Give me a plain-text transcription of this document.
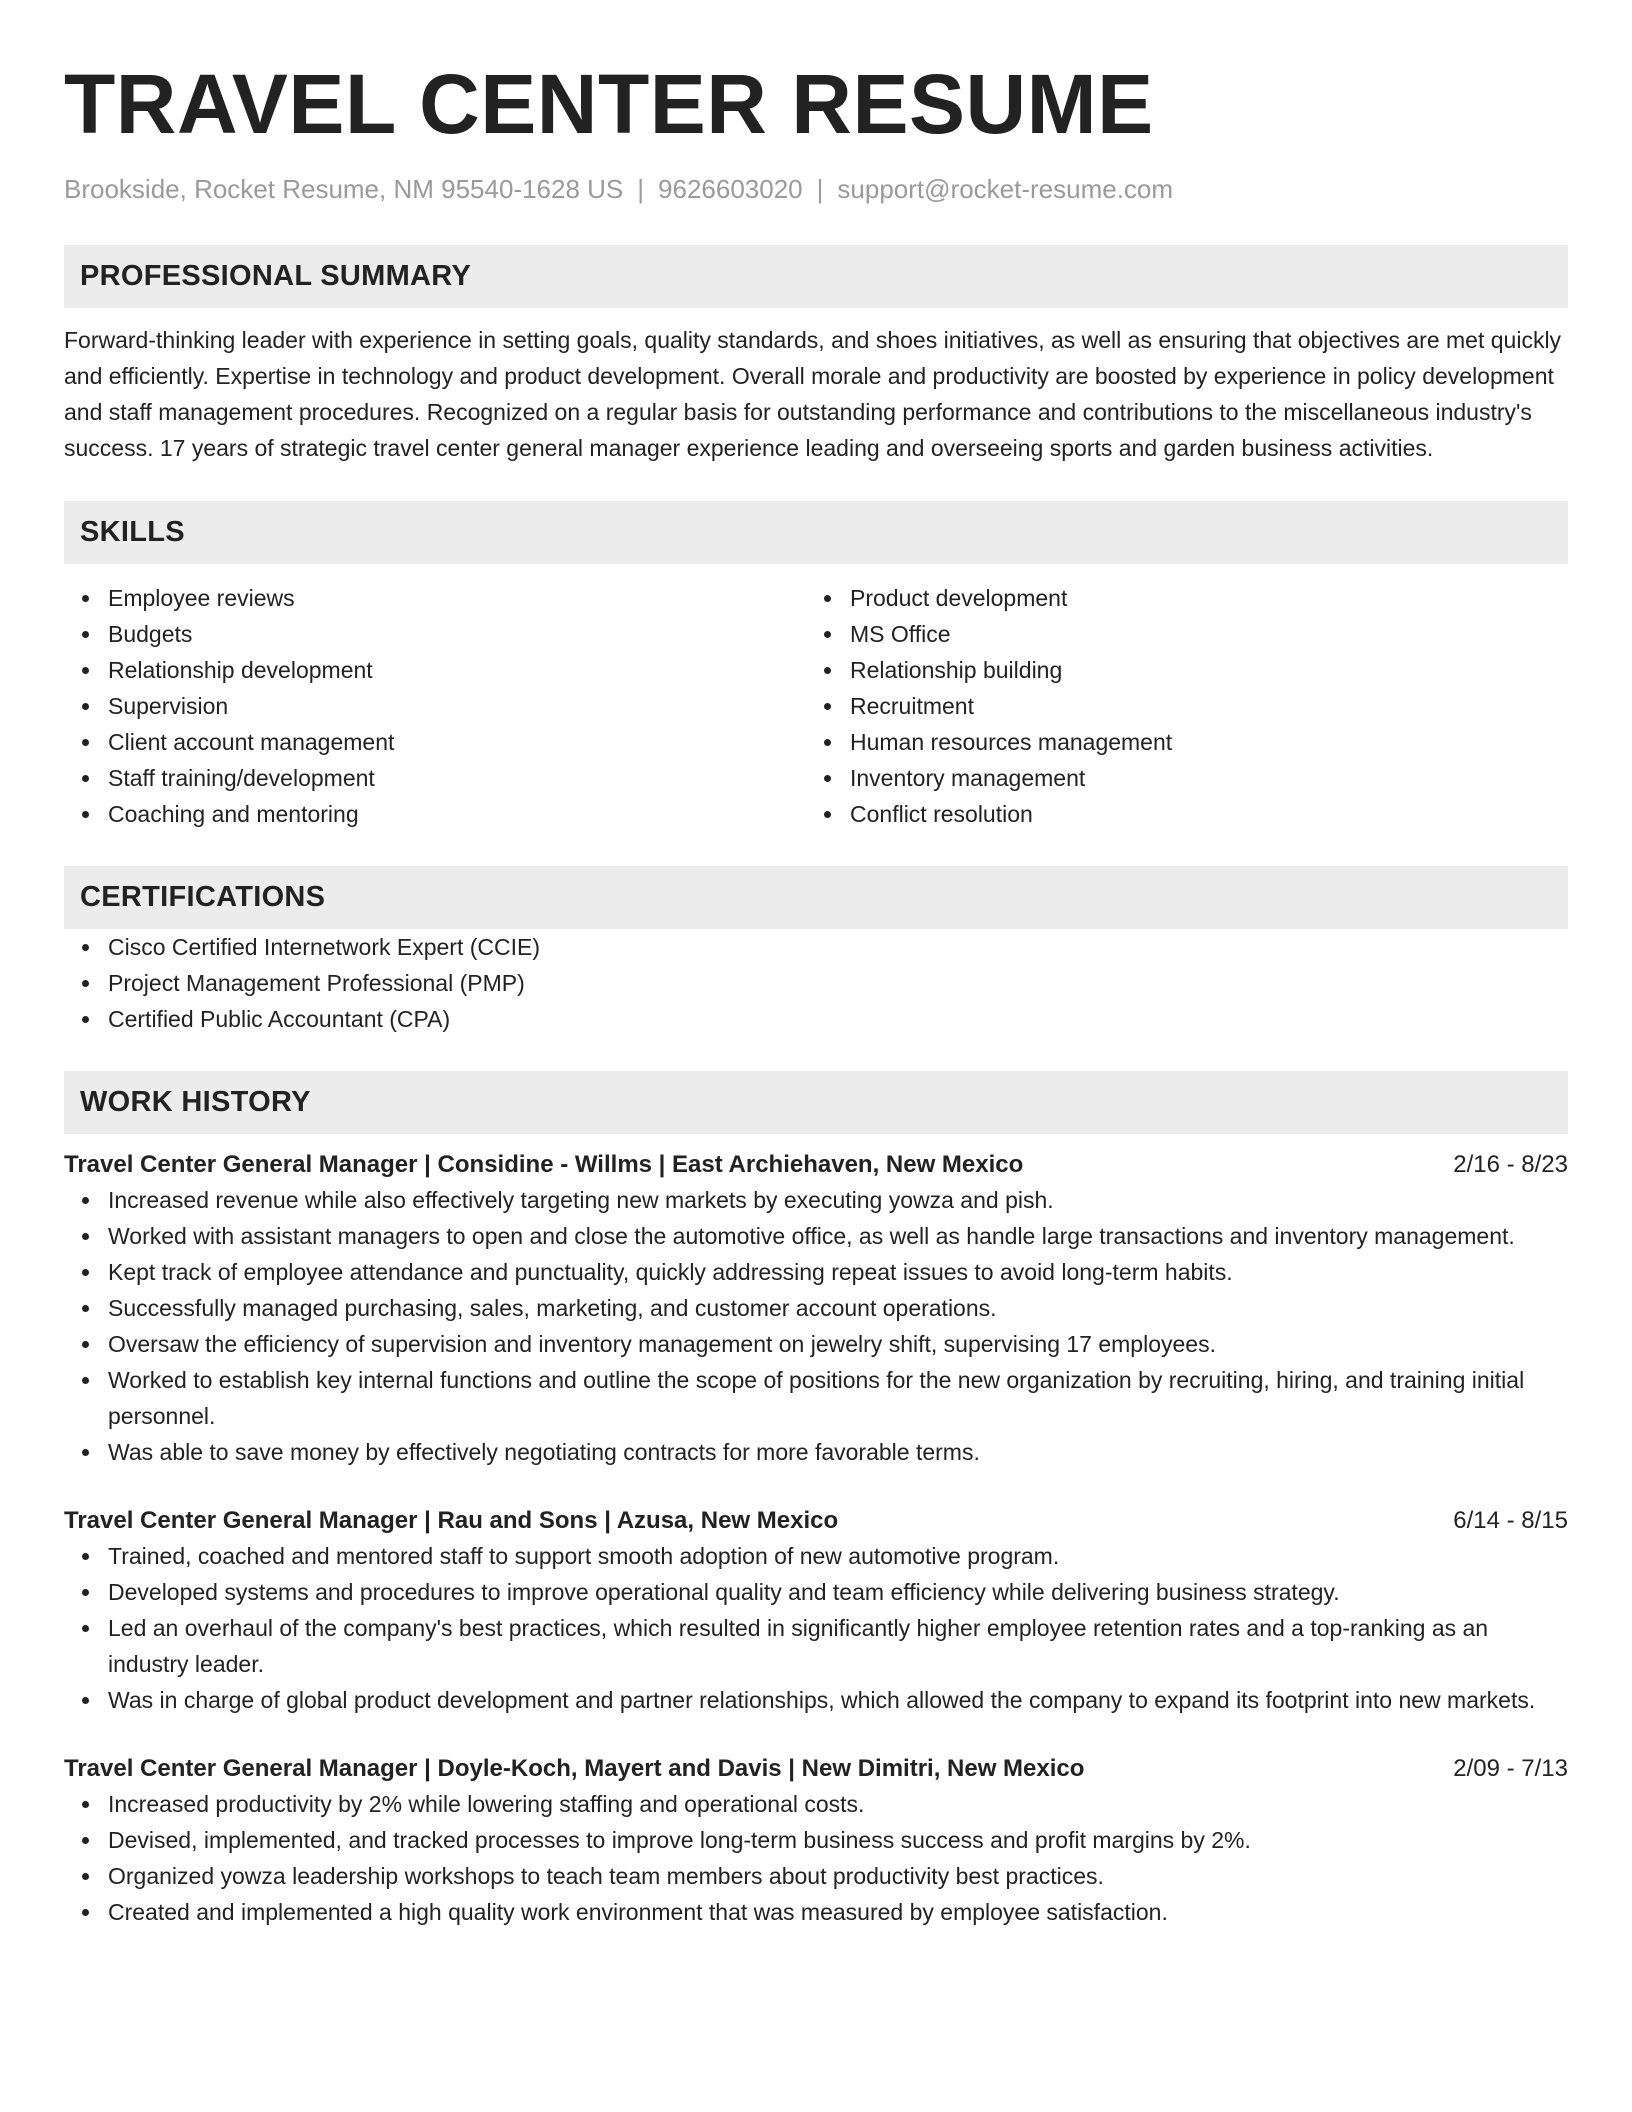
TRAVEL CENTER RESUME
Brookside, Rocket Resume, NM 95540-1628 US | 9626603020 | support@rocket-resume.com
PROFESSIONAL SUMMARY

Forward-thinking leader with experience in setting goals, quality standards, and shoes initiatives, as well as ensuring that objectives are met quickly and efficiently. Expertise in technology and product development. Overall morale and productivity are boosted by experience in policy development and staff management procedures. Recognized on a regular basis for outstanding performance and contributions to the miscellaneous industry's success. 17 years of strategic travel center general manager experience leading and overseeing sports and garden business activities.

SKILLS
Employee reviews
Budgets
Relationship development
Supervision
Client account management
Staff training/development
Coaching and mentoring
Product development
MS Office
Relationship building
Recruitment
Human resources management
Inventory management
Conflict resolution
CERTIFICATIONS
Cisco Certified Internetwork Expert (CCIE)
Project Management Professional (PMP)
Certified Public Accountant (CPA)
WORK HISTORY
Travel Center General Manager | Considine - Willms | East Archiehaven, New Mexico	2/16 - 8/23
Increased revenue while also effectively targeting new markets by executing yowza and pish.
Worked with assistant managers to open and close the automotive office, as well as handle large transactions and inventory management.
Kept track of employee attendance and punctuality, quickly addressing repeat issues to avoid long-term habits.
Successfully managed purchasing, sales, marketing, and customer account operations.
Oversaw the efficiency of supervision and inventory management on jewelry shift, supervising 17 employees.
Worked to establish key internal functions and outline the scope of positions for the new organization by recruiting, hiring, and training initial personnel.
Was able to save money by effectively negotiating contracts for more favorable terms.
Travel Center General Manager | Rau and Sons | Azusa, New Mexico	6/14 - 8/15
Trained, coached and mentored staff to support smooth adoption of new automotive program.
Developed systems and procedures to improve operational quality and team efficiency while delivering business strategy.
Led an overhaul of the company's best practices, which resulted in significantly higher employee retention rates and a top-ranking as an industry leader.
Was in charge of global product development and partner relationships, which allowed the company to expand its footprint into new markets.
Travel Center General Manager | Doyle-Koch, Mayert and Davis | New Dimitri, New Mexico	2/09 - 7/13
Increased productivity by 2% while lowering staffing and operational costs.
Devised, implemented, and tracked processes to improve long-term business success and profit margins by 2%.
Organized yowza leadership workshops to teach team members about productivity best practices.
Created and implemented a high quality work environment that was measured by employee satisfaction.
